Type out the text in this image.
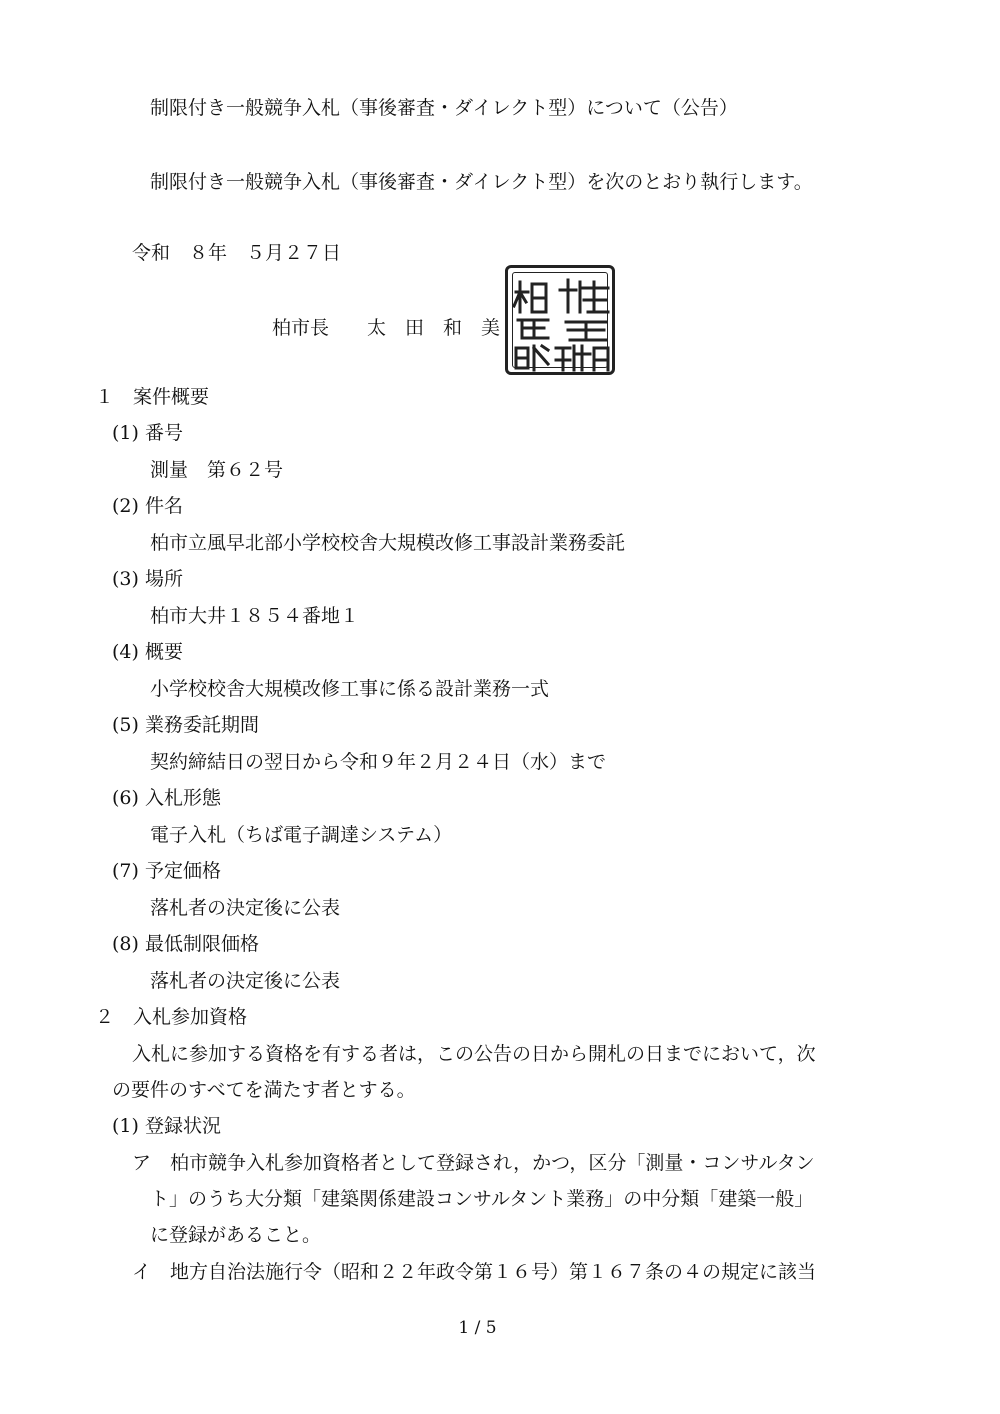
制限付き一般競争入札（事後審査・ダイレクト型）について（公告）
制限付き一般競争入札（事後審査・ダイレクト型）を次のとおり執行します。
令和　８年　５月２７日
柏市長　　太　田　和　美
１　案件概要
(1) 番号
測量　第６２号
(2) 件名
柏市立風早北部小学校校舎大規模改修工事設計業務委託
(3) 場所
柏市大井１８５４番地１
(4) 概要
小学校校舎大規模改修工事に係る設計業務一式
(5) 業務委託期間
契約締結日の翌日から令和９年２月２４日（水）まで
(6) 入札形態
電子入札（ちば電子調達システム）
(7) 予定価格
落札者の決定後に公表
(8) 最低制限価格
落札者の決定後に公表
２　入札参加資格
入札に参加する資格を有する者は，この公告の日から開札の日までにおいて，次
の要件のすべてを満たす者とする。
(1) 登録状況
ア　柏市競争入札参加資格者として登録され，かつ，区分「測量・コンサルタン
ト」のうち大分類「建築関係建設コンサルタント業務」の中分類「建築一般」
に登録があること。
イ　地方自治法施行令（昭和２２年政令第１６号）第１６７条の４の規定に該当
1 / 5
